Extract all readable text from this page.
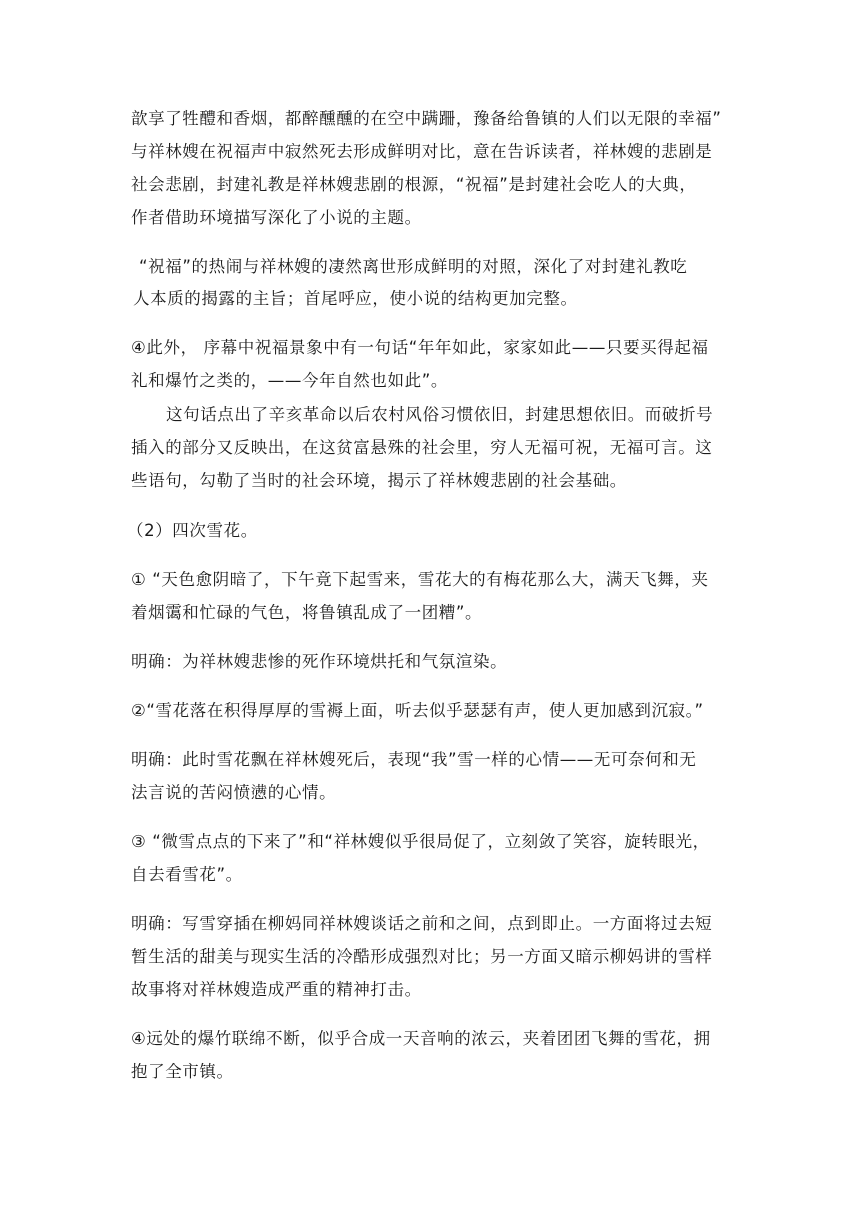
歆享了牲醴和香烟，都醉醺醺的在空中蹒跚，豫备给鲁镇的人们以无限的幸福”
与祥林嫂在祝福声中寂然死去形成鲜明对比，意在告诉读者，祥林嫂的悲剧是
社会悲剧，封建礼教是祥林嫂悲剧的根源，“祝福”是封建社会吃人的大典，
作者借助环境描写深化了小说的主题。
“祝福”的热闹与祥林嫂的凄然离世形成鲜明的对照，深化了对封建礼教吃
人本质的揭露的主旨；首尾呼应，使小说的结构更加完整。
④此外， 序幕中祝福景象中有一句话“年年如此，家家如此——只要买得起福
礼和爆竹之类的，——今年自然也如此”。
这句话点出了辛亥革命以后农村风俗习惯依旧，封建思想依旧。而破折号
插入的部分又反映出，在这贫富悬殊的社会里，穷人无福可祝，无福可言。这
些语句，勾勒了当时的社会环境，揭示了祥林嫂悲剧的社会基础。
（2）四次雪花。
① “天色愈阴暗了，下午竟下起雪来，雪花大的有梅花那么大，满天飞舞，夹
着烟霭和忙碌的气色，将鲁镇乱成了一团糟”。
明确：为祥林嫂悲惨的死作环境烘托和气氛渲染。
②“雪花落在积得厚厚的雪褥上面，听去似乎瑟瑟有声，使人更加感到沉寂。”
明确：此时雪花飘在祥林嫂死后，表现“我”雪一样的心情——无可奈何和无
法言说的苦闷愤懑的心情。
③ “微雪点点的下来了”和“祥林嫂似乎很局促了，立刻敛了笑容，旋转眼光，
自去看雪花”。
明确：写雪穿插在柳妈同祥林嫂谈话之前和之间，点到即止。一方面将过去短
暂生活的甜美与现实生活的冷酷形成强烈对比；另一方面又暗示柳妈讲的雪样
故事将对祥林嫂造成严重的精神打击。
④远处的爆竹联绵不断，似乎合成一天音响的浓云，夹着团团飞舞的雪花，拥
抱了全市镇。
